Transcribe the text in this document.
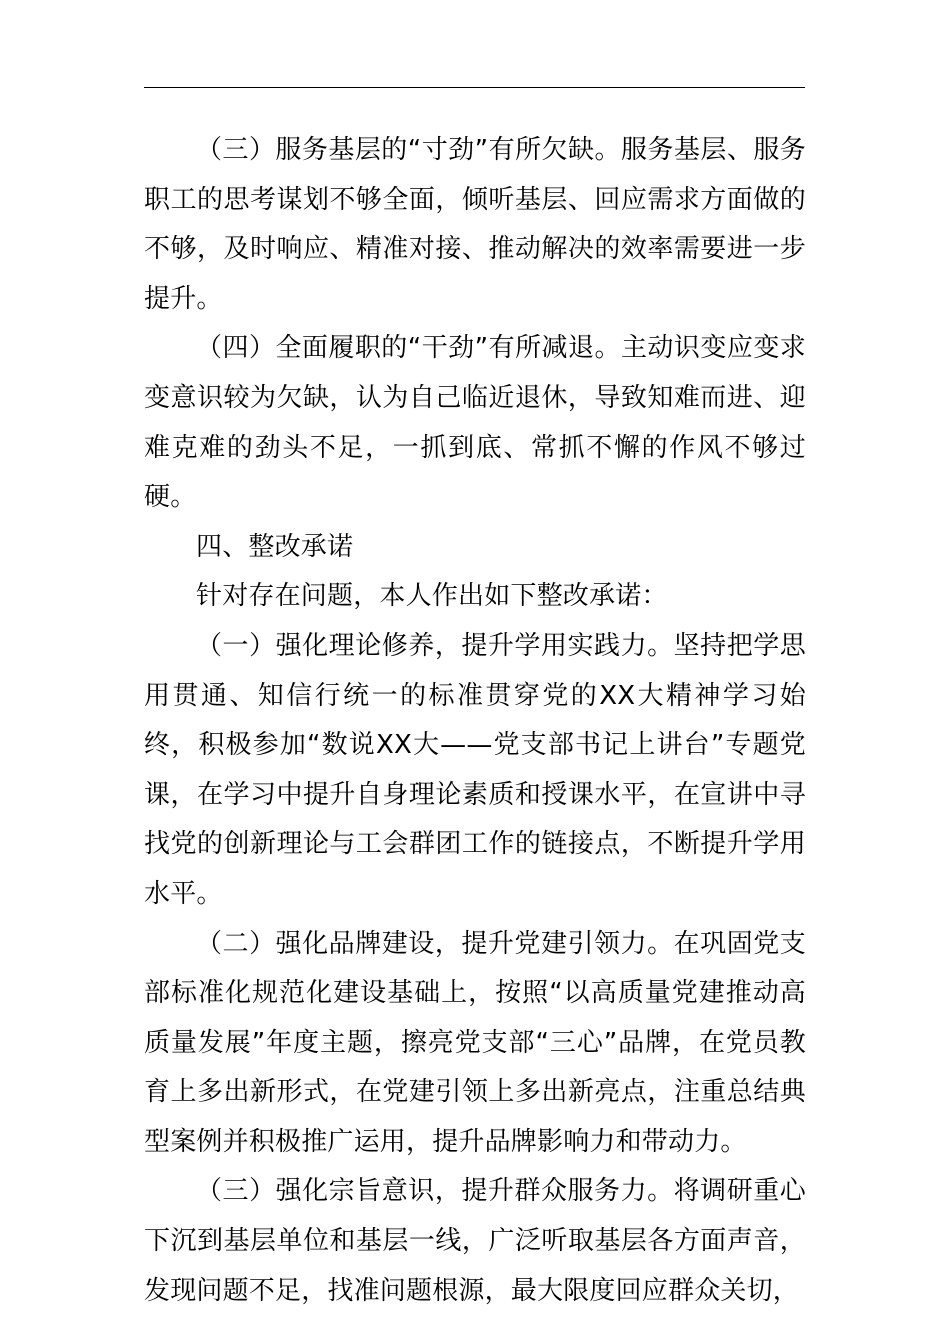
（三）服务基层的“寸劲”有所欠缺。服务基层、服务职工的思考谋划不够全面，倾听基层、回应需求方面做的不够，及时响应、精准对接、推动解决的效率需要进一步提升。

（四）全面履职的“干劲”有所减退。主动识变应变求变意识较为欠缺，认为自己临近退休，导致知难而进、迎难克难的劲头不足，一抓到底、常抓不懈的作风不够过硬。

四、整改承诺

针对存在问题，本人作出如下整改承诺：

（一）强化理论修养，提升学用实践力。坚持把学思用贯通、知信行统一的标准贯穿党的XX大精神学习始终，积极参加“数说XX大——党支部书记上讲台”专题党课，在学习中提升自身理论素质和授课水平，在宣讲中寻找党的创新理论与工会群团工作的链接点，不断提升学用水平。

（二）强化品牌建设，提升党建引领力。在巩固党支部标准化规范化建设基础上，按照“以高质量党建推动高质量发展”年度主题，擦亮党支部“三心”品牌，在党员教育上多出新形式，在党建引领上多出新亮点，注重总结典型案例并积极推广运用，提升品牌影响力和带动力。

（三）强化宗旨意识，提升群众服务力。将调研重心下沉到基层单位和基层一线，广泛听取基层各方面声音，发现问题不足，找准问题根源，最大限度回应群众关切，
